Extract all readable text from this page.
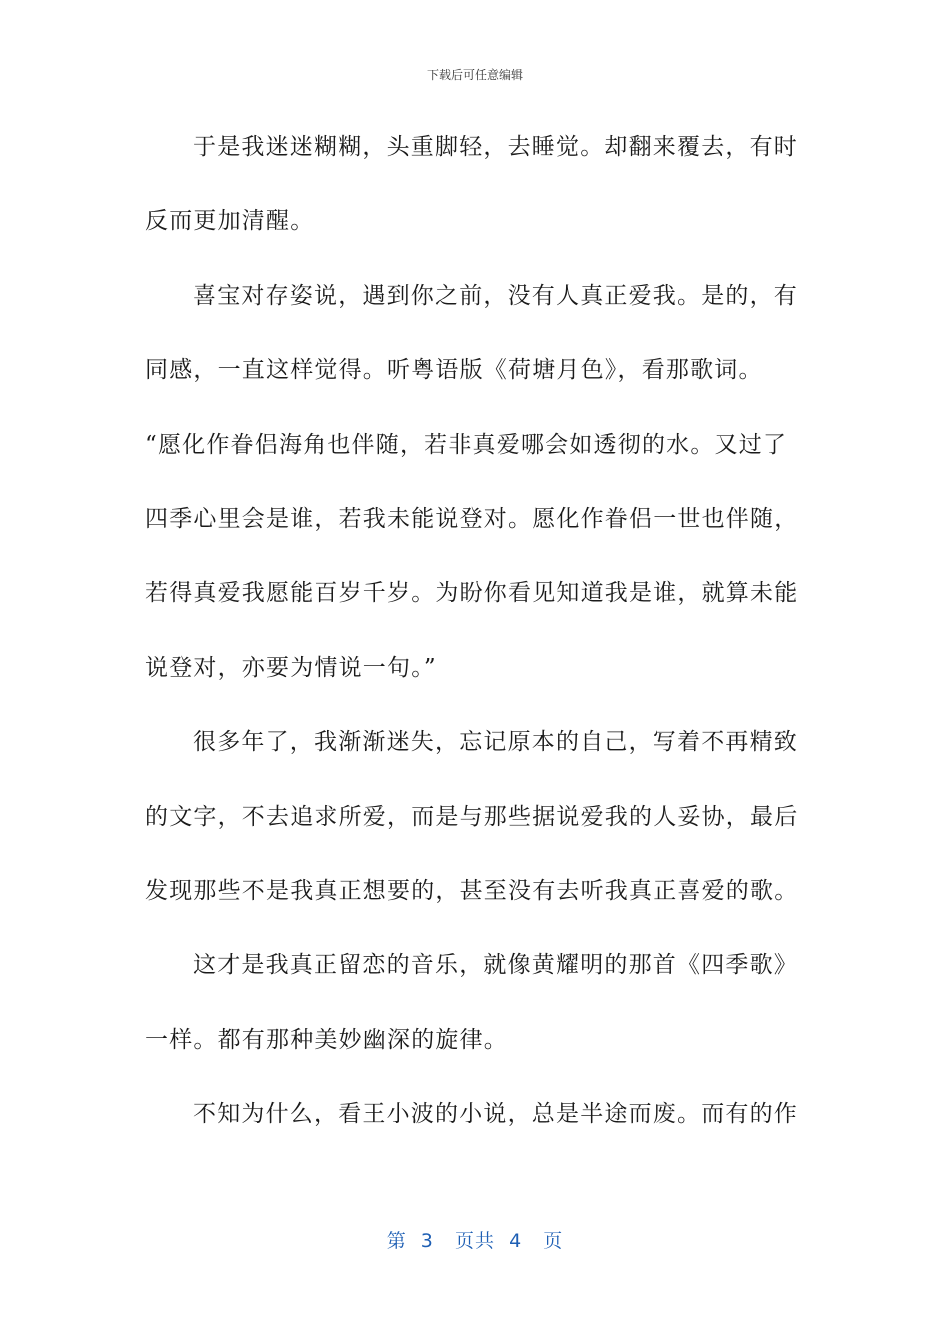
下载后可任意编辑
于是我迷迷糊糊，头重脚轻，去睡觉。却翻来覆去，有时
反而更加清醒。
喜宝对存姿说，遇到你之前，没有人真正爱我。是的，有
同感，一直这样觉得。听粤语版《荷塘月色》，看那歌词。
“愿化作眷侣海角也伴随，若非真爱哪会如透彻的水。又过了
四季心里会是谁，若我未能说登对。愿化作眷侣一世也伴随，
若得真爱我愿能百岁千岁。为盼你看见知道我是谁，就算未能
说登对，亦要为情说一句。”
很多年了，我渐渐迷失，忘记原本的自己，写着不再精致
的文字，不去追求所爱，而是与那些据说爱我的人妥协，最后
发现那些不是我真正想要的，甚至没有去听我真正喜爱的歌。
这才是我真正留恋的音乐，就像黄耀明的那首《四季歌》
一样。都有那种美妙幽深的旋律。
不知为什么，看王小波的小说，总是半途而废。而有的作
第  3   页共  4   页
